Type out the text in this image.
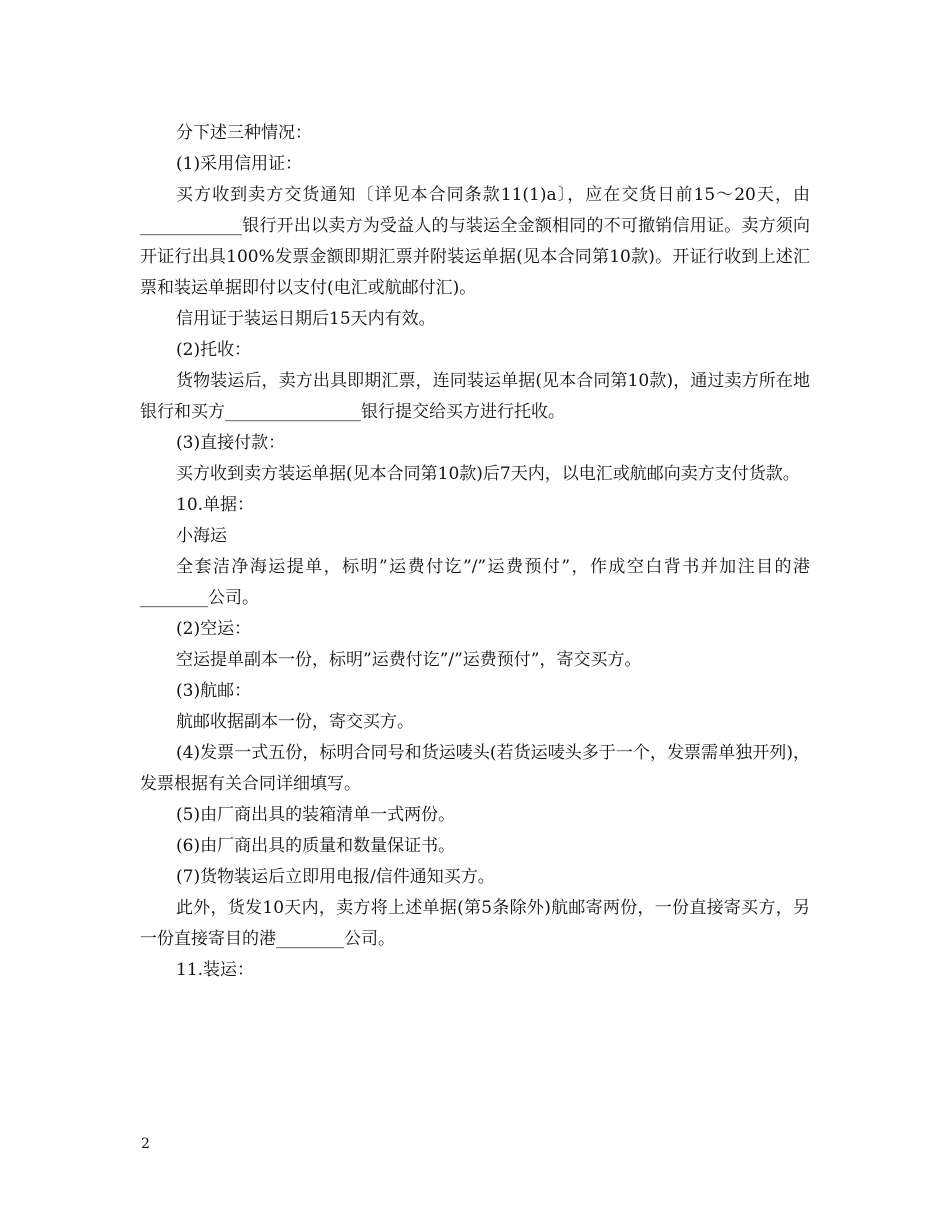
分下述三种情况：

(1)采用信用证：

买方收到卖方交货通知〔详见本合同条款11(1)a〕，应在交货日前15～20天，由____________银行开出以卖方为受益人的与装运全金额相同的不可撤销信用证。卖方须向开证行出具100%发票金额即期汇票并附装运单据(见本合同第10款)。开证行收到上述汇票和装运单据即付以支付(电汇或航邮付汇)。

信用证于装运日期后15天内有效。

(2)托收：

货物装运后，卖方出具即期汇票，连同装运单据(见本合同第10款)，通过卖方所在地银行和买方________________银行提交给买方进行托收。

(3)直接付款：

买方收到卖方装运单据(见本合同第10款)后7天内，以电汇或航邮向卖方支付货款。

10.单据：

小海运

全套洁净海运提单，标明”运费付讫”/”运费预付”，作成空白背书并加注目的港________公司。

(2)空运：

空运提单副本一份，标明”运费付讫”/”运费预付”，寄交买方。

(3)航邮：

航邮收据副本一份，寄交买方。

(4)发票一式五份，标明合同号和货运唛头(若货运唛头多于一个，发票需单独开列)，发票根据有关合同详细填写。

(5)由厂商出具的装箱清单一式两份。

(6)由厂商出具的质量和数量保证书。

(7)货物装运后立即用电报/信件通知买方。

此外，货发10天内，卖方将上述单据(第5条除外)航邮寄两份，一份直接寄买方，另一份直接寄目的港________公司。

11.装运：

2
